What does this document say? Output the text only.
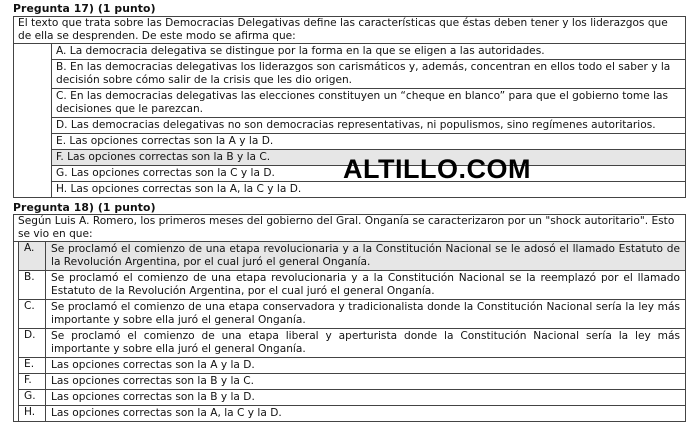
Pregunta 17) (1 punto)
El texto que trata sobre las Democracias Delegativas define las características que éstas deben tener y los liderazgos que de ella se desprenden. De este modo se afirma que:
A. La democracia delegativa se distingue por la forma en la que se eligen a las autoridades.
B. En las democracias delegativas los liderazgos son carismáticos y, además, concentran en ellos todo el saber y la decisión sobre cómo salir de la crisis que les dio origen.
C. En las democracias delegativas las elecciones constituyen un “cheque en blanco” para que el gobierno tome las decisiones que le parezcan.
D. Las democracias delegativas no son democracias representativas, ni populismos, sino regímenes autoritarios.
E. Las opciones correctas son la A y la D.
F. Las opciones correctas son la B y la C.
G. Las opciones correctas son la C y la D.
H. Las opciones correctas son la A, la C y la D.
ALTILLO.COM
Pregunta 18) (1 punto)
Según Luis A. Romero, los primeros meses del gobierno del Gral. Onganía se caracterizaron por un "shock autoritario". Esto se vio en que:
A.	Se proclamó el comienzo de una etapa revolucionaria y a la Constitución Nacional se le adosó el llamado Estatuto de la Revolución Argentina, por el cual juró el general Onganía.
B.	Se proclamó el comienzo de una etapa revolucionaria y a la Constitución Nacional se la reemplazó por el llamado Estatuto de la Revolución Argentina, por el cual juró el general Onganía.
C.	Se proclamó el comienzo de una etapa conservadora y tradicionalista donde la Constitución Nacional sería la ley más importante y sobre ella juró el general Onganía.
D.	Se proclamó el comienzo de una etapa liberal y aperturista donde la Constitución Nacional sería la ley más importante y sobre ella juró el general Onganía.
E.	Las opciones correctas son la A y la D.
F.	Las opciones correctas son la B y la C.
G.	Las opciones correctas son la B y la D.
H.	Las opciones correctas son la A, la C y la D.
